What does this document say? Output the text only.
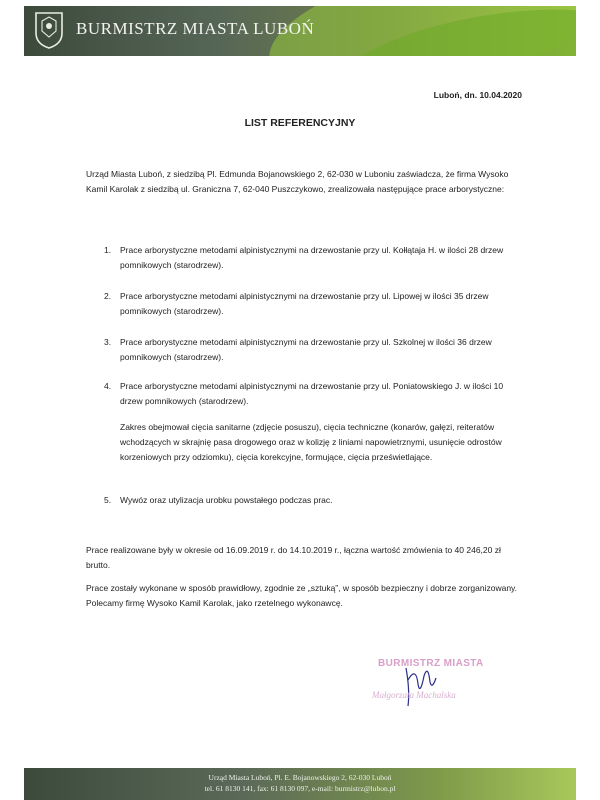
BURMISTRZ MIASTA LUBOŃ
Luboń, dn. 10.04.2020
LIST REFERENCYJNY
Urząd Miasta Luboń, z siedzibą Pl. Edmunda Bojanowskiego 2, 62-030 w Luboniu zaświadcza, że firma Wysoko Kamil Karolak z siedzibą ul. Graniczna 7, 62-040 Puszczykowo, zrealizowała następujące prace arborystyczne:
1. Prace arborystyczne metodami alpinistycznymi na drzewostanie przy ul. Kołłątaja H. w ilości 28 drzew pomnikowych (starodrzew).
2. Prace arborystyczne metodami alpinistycznymi na drzewostanie przy ul. Lipowej w ilości 35 drzew pomnikowych (starodrzew).
3. Prace arborystyczne metodami alpinistycznymi na drzewostanie przy ul. Szkolnej w ilości 36 drzew pomnikowych (starodrzew).
4. Prace arborystyczne metodami alpinistycznymi na drzewostanie przy ul. Poniatowskiego J. w ilości 10 drzew pomnikowych (starodrzew).
Zakres obejmował cięcia sanitarne (zdjęcie posuszu), cięcia techniczne (konarów, gałęzi, reiteratów wchodzących w skrajnię pasa drogowego oraz w kolizję z liniami napowietrznymi, usunięcie odrostów korzeniowych przy odziomku), cięcia korekcyjne, formujące, cięcia prześwietlające.
5. Wywóz oraz utylizacja urobku powstałego podczas prac.
Prace realizowane były w okresie od 16.09.2019 r. do 14.10.2019 r., łączna wartość zmówienia to 40 246,20 zł brutto.
Prace zostały wykonane w sposób prawidłowy, zgodnie ze „sztuką”, w sposób bezpieczny i dobrze zorganizowany. Polecamy firmę Wysoko Kamil Karolak, jako rzetelnego wykonawcę.
BURMISTRZ MIASTA
Małgorzata Machalska
Urząd Miasta Luboń, Pl. E. Bojanowskiego 2, 62-030 Luboń
tel. 61 8130 141, fax: 61 8130 097, e-mail: burmistrz@lubon.pl
